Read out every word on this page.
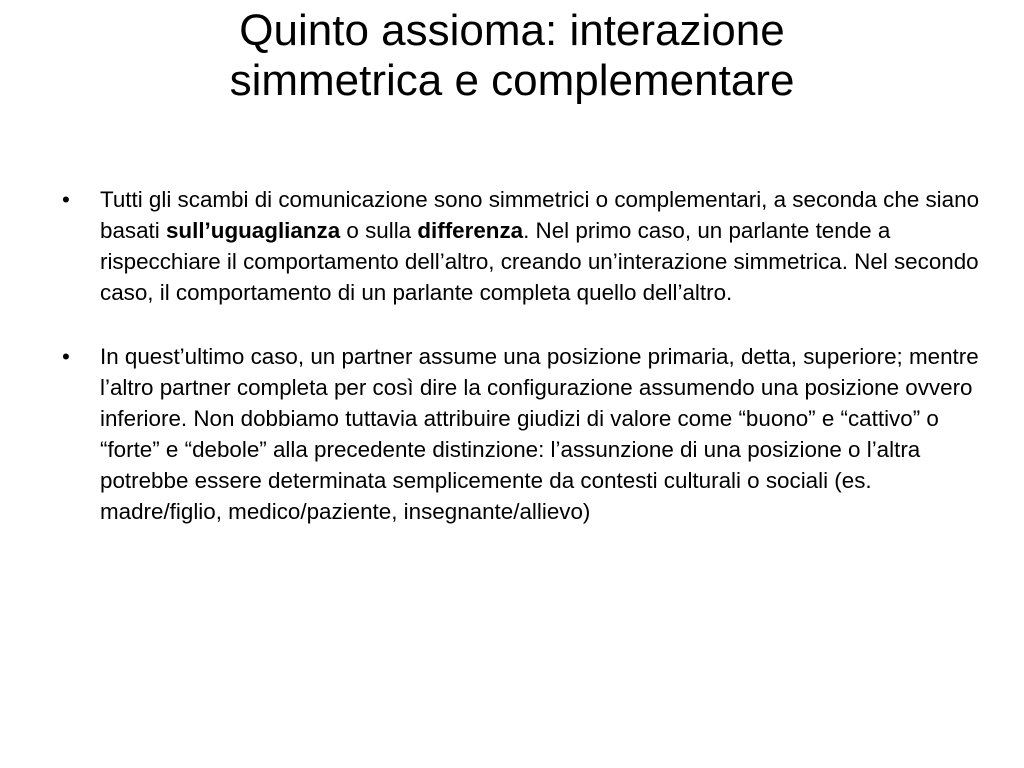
Quinto assioma: interazione
simmetrica e complementare
• Tutti gli scambi di comunicazione sono simmetrici o complementari, a seconda che siano basati sull’uguaglianza o sulla differenza. Nel primo caso, un parlante tende a rispecchiare il comportamento dell’altro, creando un’interazione simmetrica. Nel secondo caso, il comportamento di un parlante completa quello dell’altro.
• In quest’ultimo caso, un partner assume una posizione primaria, detta, superiore; mentre l’altro partner completa per così dire la configurazione assumendo una posizione ovvero inferiore. Non dobbiamo tuttavia attribuire giudizi di valore come “buono” e “cattivo” o “forte” e “debole” alla precedente distinzione: l’assunzione di una posizione o l’altra potrebbe essere determinata semplicemente da contesti culturali o sociali (es. madre/figlio, medico/paziente, insegnante/allievo)
